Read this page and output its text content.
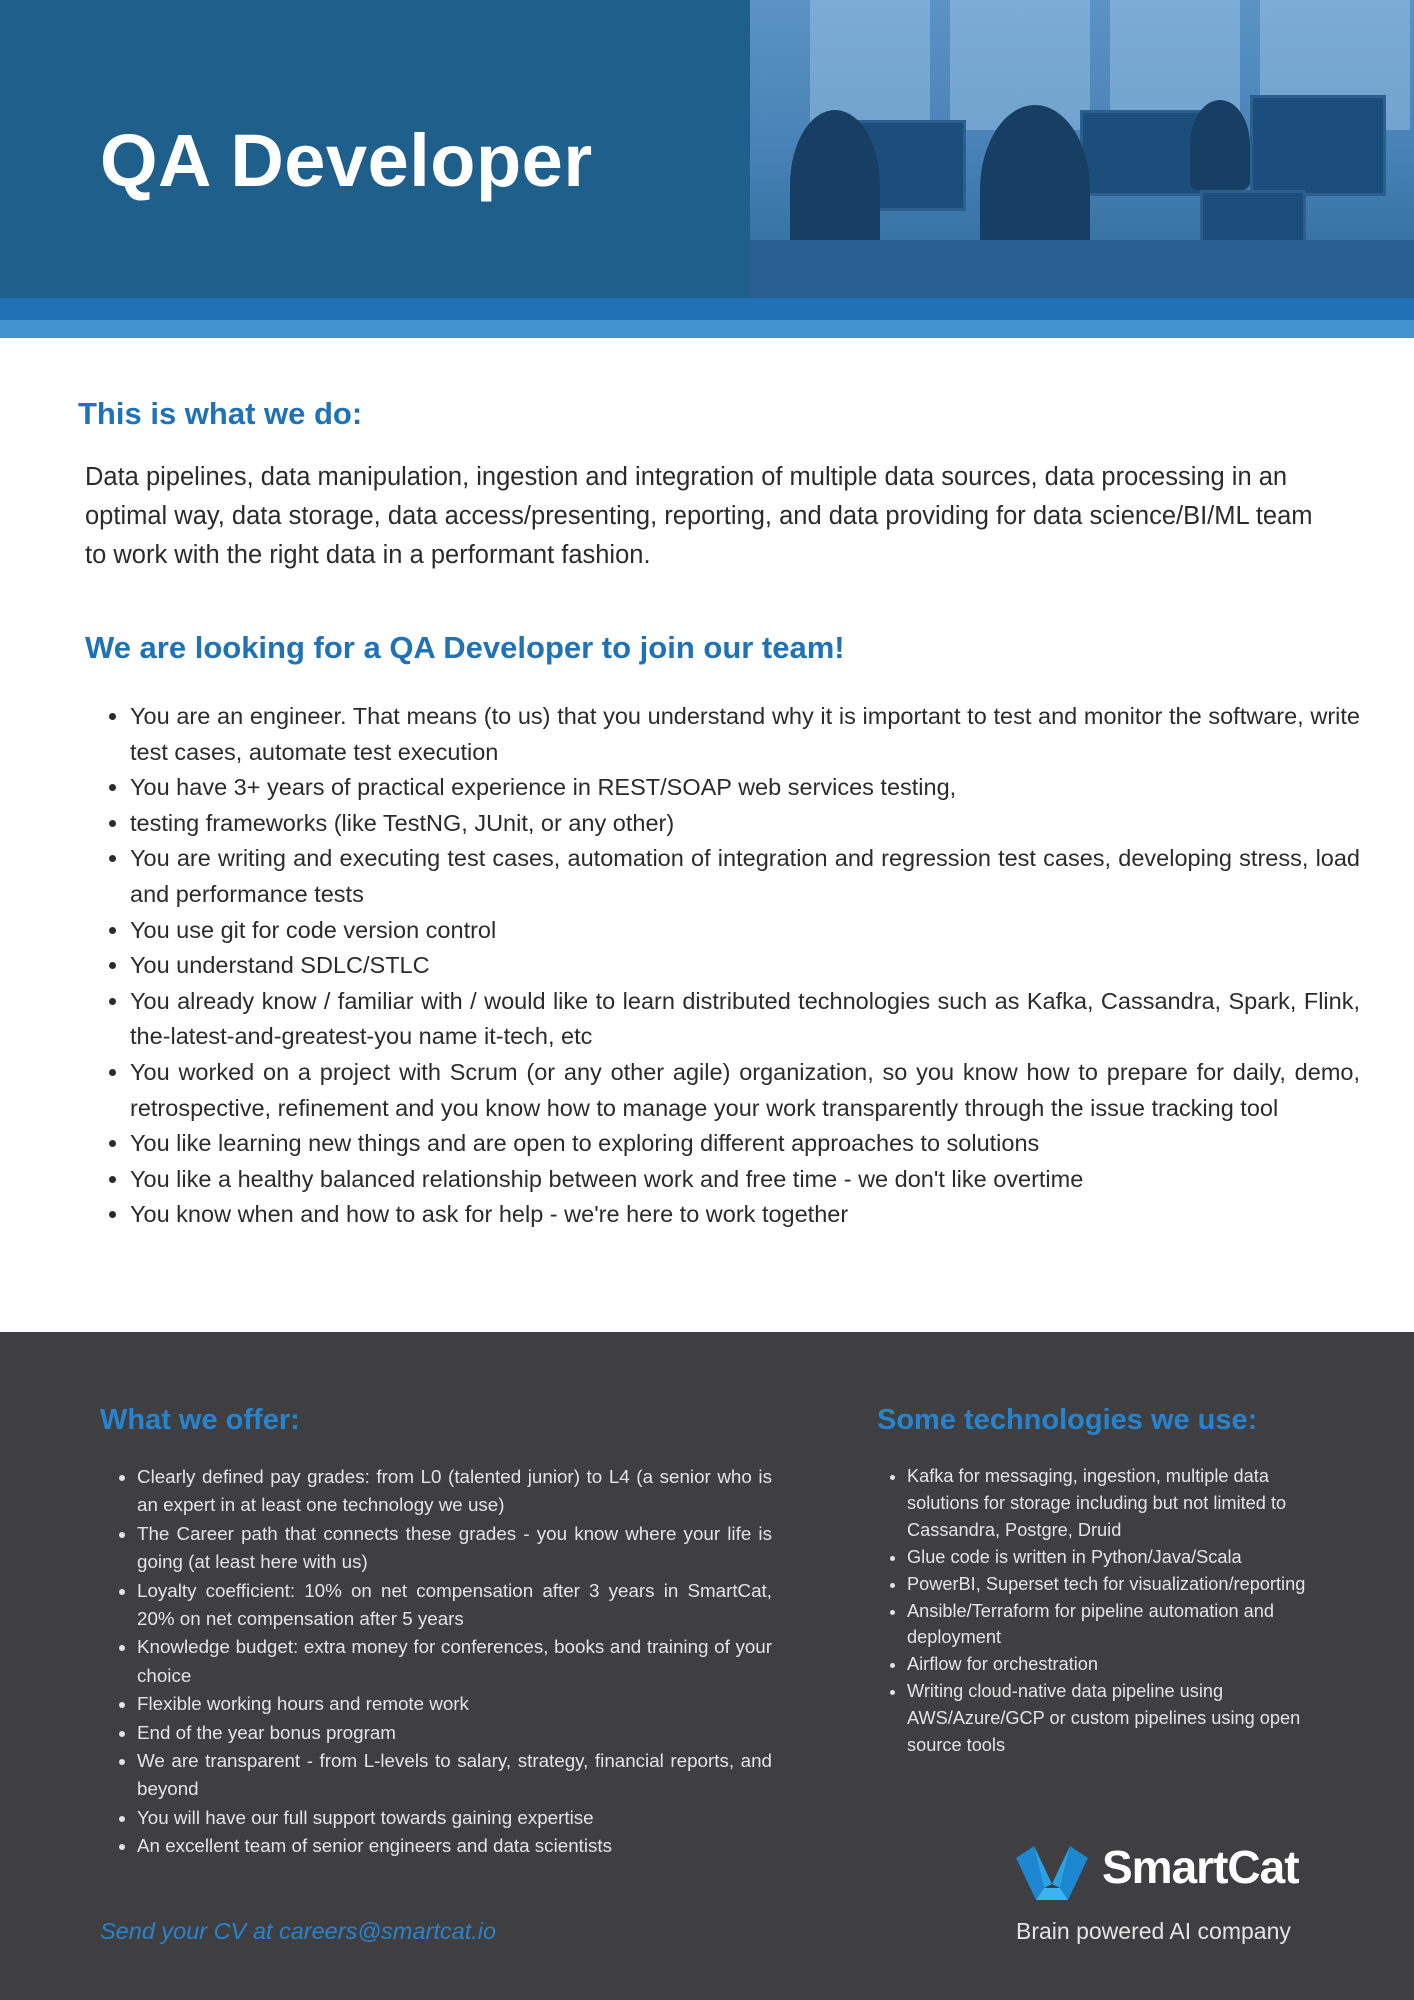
QA Developer
This is what we do:

Data pipelines, data manipulation, ingestion and integration of multiple data sources, data processing in an optimal way, data storage, data access/presenting, reporting, and data providing for data science/BI/ML team to work with the right data in a performant fashion.

We are looking for a QA Developer to join our team!
• You are an engineer. That means (to us) that you understand why it is important to test and monitor the software, write test cases, automate test execution
• You have 3+ years of practical experience in REST/SOAP web services testing,
• testing frameworks (like TestNG, JUnit, or any other)
• You are writing and executing test cases, automation of integration and regression test cases, developing stress, load and performance tests
• You use git for code version control
• You understand SDLC/STLC
• You already know / familiar with / would like to learn distributed technologies such as Kafka, Cassandra, Spark, Flink, the-latest-and-greatest-you name it-tech, etc
• You worked on a project with Scrum (or any other agile) organization, so you know how to prepare for daily, demo, retrospective, refinement and you know how to manage your work transparently through the issue tracking tool
• You like learning new things and are open to exploring different approaches to solutions
• You like a healthy balanced relationship between work and free time - we don't like overtime
• You know when and how to ask for help - we're here to work together
What we offer:
• Clearly defined pay grades: from L0 (talented junior) to L4 (a senior who is an expert in at least one technology we use)
• The Career path that connects these grades - you know where your life is going (at least here with us)
• Loyalty coefficient: 10% on net compensation after 3 years in SmartCat, 20% on net compensation after 5 years
• Knowledge budget: extra money for conferences, books and training of your choice
• Flexible working hours and remote work
• End of the year bonus program
• We are transparent - from L-levels to salary, strategy, financial reports, and beyond
• You will have our full support towards gaining expertise
• An excellent team of senior engineers and data scientists
Some technologies we use:
• Kafka for messaging, ingestion, multiple data solutions for storage including but not limited to Cassandra, Postgre, Druid
• Glue code is written in Python/Java/Scala
• PowerBI, Superset tech for visualization/reporting
• Ansible/Terraform for pipeline automation and deployment
• Airflow for orchestration
• Writing cloud-native data pipeline using AWS/Azure/GCP or custom pipelines using open source tools

Send your CV at careers@smartcat.io

SmartCat

Brain powered AI company
